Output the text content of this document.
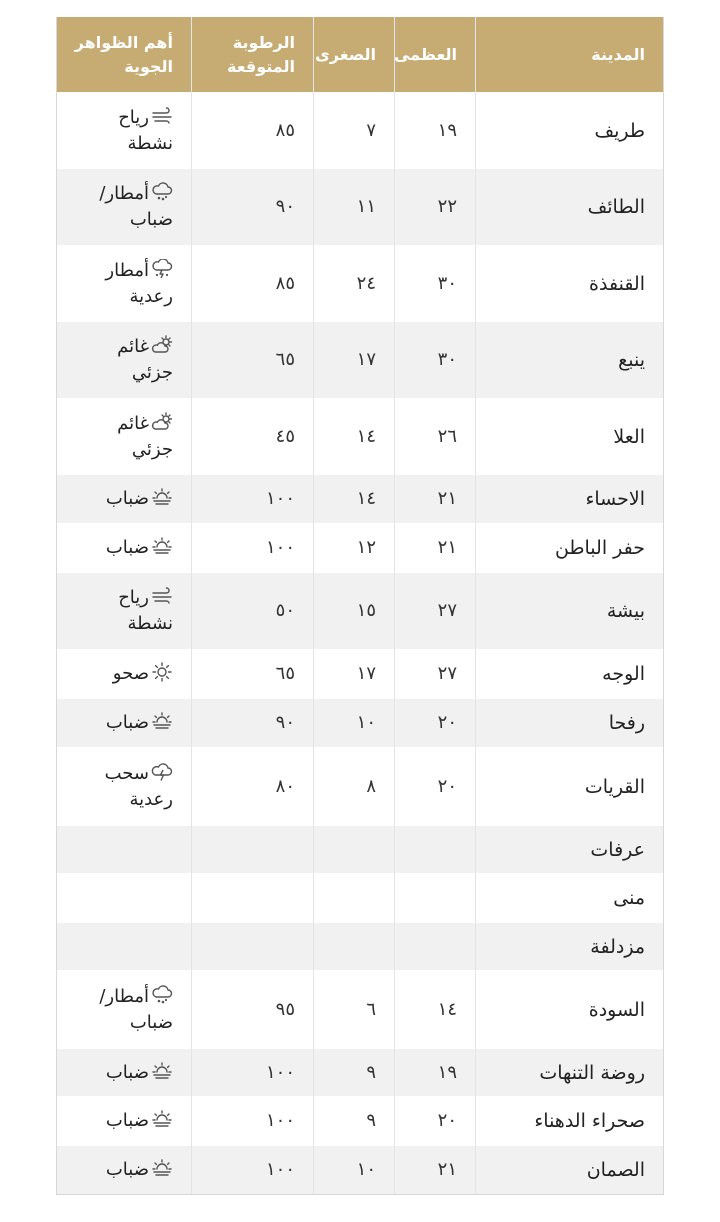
المدينة	العظمى	الصغرى	الرطوبة المتوقعة	أهم الظواهر الجوية
طريف	١٩	٧	٨٥	رياح نشطة
الطائف	٢٢	١١	٩٠	أمطار/ضباب
القنفذة	٣٠	٢٤	٨٥	أمطار رعدية
ينبع	٣٠	١٧	٦٥	غائم جزئي
العلا	٢٦	١٤	٤٥	غائم جزئي
الاحساء	٢١	١٤	١٠٠	ضباب
حفر الباطن	٢١	١٢	١٠٠	ضباب
بيشة	٢٧	١٥	٥٠	رياح نشطة
الوجه	٢٧	١٧	٦٥	صحو
رفحا	٢٠	١٠	٩٠	ضباب
القريات	٢٠	٨	٨٠	سحب رعدية
عرفات				
منى				
مزدلفة				
السودة	١٤	٦	٩٥	أمطار/ضباب
روضة التنهات	١٩	٩	١٠٠	ضباب
صحراء الدهناء	٢٠	٩	١٠٠	ضباب
الصمان	٢١	١٠	١٠٠	ضباب
